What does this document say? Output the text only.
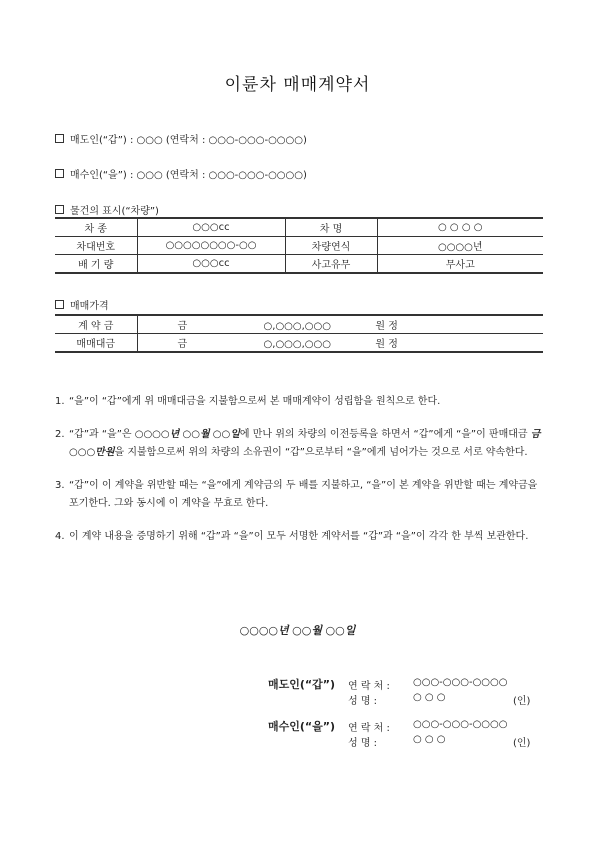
이륜차 매매계약서
매도인(“갑”) : ○○○ (연락처 : ○○○-○○○-○○○○)
매수인(“을”) : ○○○ (연락처 : ○○○-○○○-○○○○)
물건의 표시(“차량”)
차 종	○○○cc	차 명	○ ○ ○ ○
차대번호	○○○○○○○○-○○	차량연식	○○○○년
배 기 량	○○○cc	사고유무	무사고
매매가격
계 약 금	금 ○,○○○,○○○ 원 정
매매대금	금 ○,○○○,○○○ 원 정
1. “을”이 “갑”에게 위 매매대금을 지불함으로써 본 매매계약이 성립함을 원칙으로 한다.
2. “갑”과 “을”은 ○○○○년 ○○월 ○○일에 만나 위의 차량의 이전등록을 하면서 “갑”에게 “을”이 판매대금 금 ○○○만원을 지불함으로써 위의 차량의 소유권이 “갑”으로부터 “을”에게 넘어가는 것으로 서로 약속한다.
3. “갑”이 이 계약을 위반할 때는 “을”에게 계약금의 두 배를 지불하고, “을”이 본 계약을 위반할 때는 계약금을 포기한다. 그와 동시에 이 계약을 무효로 한다.
4. 이 계약 내용을 증명하기 위해 “갑”과 “을”이 모두 서명한 계약서를 “갑”과 “을”이 각각 한 부씩 보관한다.
○○○○년 ○○월 ○○일
매도인(“갑”) 연 락 처 : ○○○-○○○-○○○○
성 명 :	○ ○ ○	(인)
매수인(“을”) 연 락 처 : ○○○-○○○-○○○○
성 명 :	○ ○ ○	(인)
